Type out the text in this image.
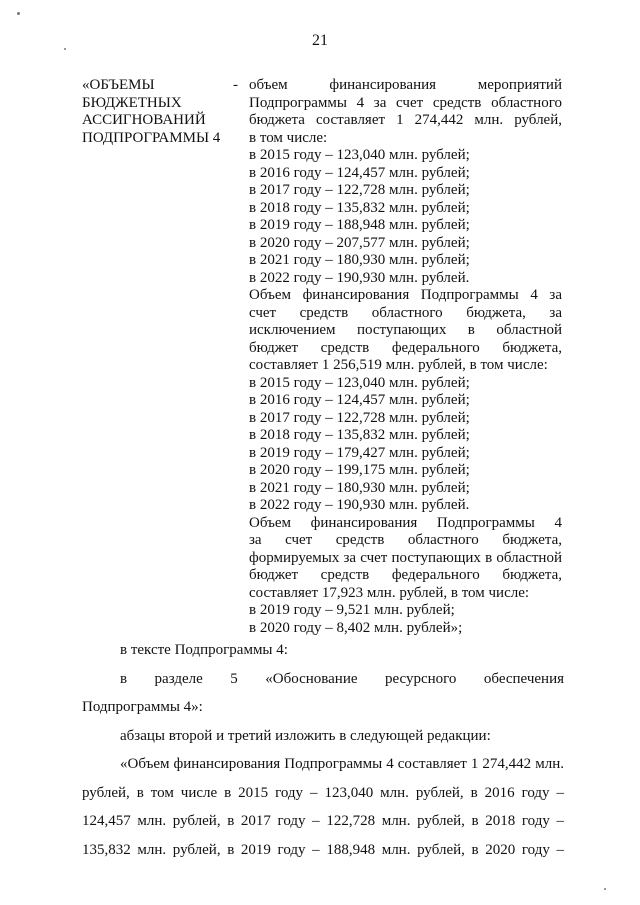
21
«ОБЪЕМЫ
БЮДЖЕТНЫХ
АССИГНОВАНИЙ
ПОДПРОГРАММЫ 4
- объем финансирования мероприятий
Подпрограммы 4 за счет средств областного
бюджета составляет 1 274,442 млн. рублей,
в том числе:
в 2015 году – 123,040 млн. рублей;
в 2016 году – 124,457 млн. рублей;
в 2017 году – 122,728 млн. рублей;
в 2018 году – 135,832 млн. рублей;
в 2019 году – 188,948 млн. рублей;
в 2020 году – 207,577 млн. рублей;
в 2021 году – 180,930 млн. рублей;
в 2022 году – 190,930 млн. рублей.
Объем финансирования Подпрограммы 4 за
счет средств областного бюджета, за
исключением поступающих в областной
бюджет средств федерального бюджета,
составляет 1 256,519 млн. рублей, в том числе:
в 2015 году – 123,040 млн. рублей;
в 2016 году – 124,457 млн. рублей;
в 2017 году – 122,728 млн. рублей;
в 2018 году – 135,832 млн. рублей;
в 2019 году – 179,427 млн. рублей;
в 2020 году – 199,175 млн. рублей;
в 2021 году – 180,930 млн. рублей;
в 2022 году – 190,930 млн. рублей.
Объем финансирования Подпрограммы 4
за счет средств областного бюджета,
формируемых за счет поступающих в областной
бюджет средств федерального бюджета,
составляет 17,923 млн. рублей, в том числе:
в 2019 году – 9,521 млн. рублей;
в 2020 году – 8,402 млн. рублей»;
в тексте Подпрограммы 4:
в разделе 5 «Обоснование ресурсного обеспечения
Подпрограммы 4»:
абзацы второй и третий изложить в следующей редакции:
«Объем финансирования Подпрограммы 4 составляет 1 274,442 млн.
рублей, в том числе в 2015 году – 123,040 млн. рублей, в 2016 году –
124,457 млн. рублей, в 2017 году – 122,728 млн. рублей, в 2018 году –
135,832 млн. рублей, в 2019 году – 188,948 млн. рублей, в 2020 году –
